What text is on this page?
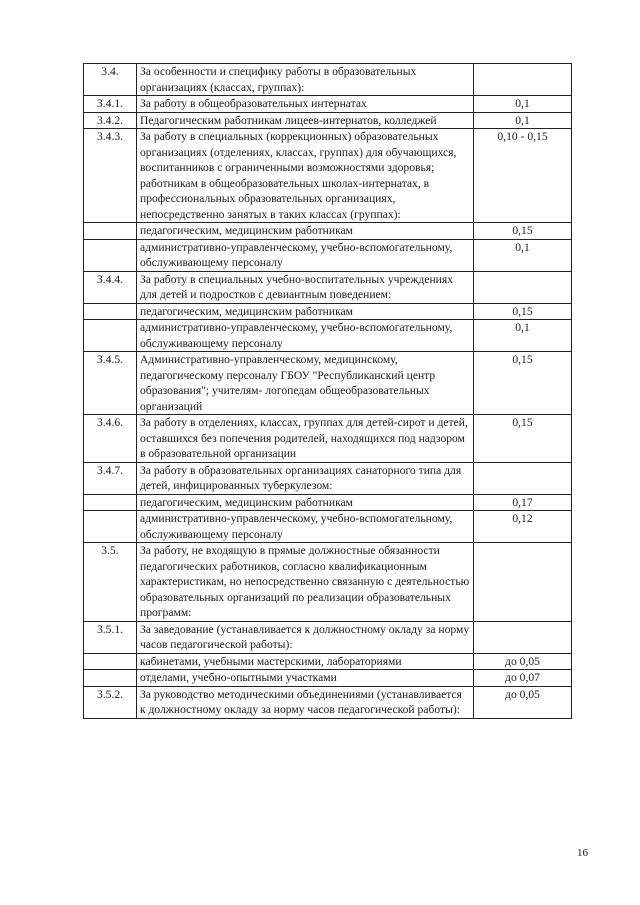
3.4.	За особенности и специфику работы в образовательных организациях (классах, группах):	
3.4.1.	За работу в общеобразовательных интернатах	0,1
3.4.2.	Педагогическим работникам лицеев-интернатов, колледжей	0,1
3.4.3.	За работу в специальных (коррекционных) образовательных организациях (отделениях, классах, группах) для обучающихся, воспитанников с ограниченными возможностями здоровья; работникам в общеобразовательных школах-интернатах, в профессиональных образовательных организациях, непосредственно занятых в таких классах (группах):	0,10 - 0,15
	педагогическим, медицинским работникам	0,15
	административно-управленческому, учебно-вспомогательному, обслуживающему персоналу	0,1
3.4.4.	За работу в специальных учебно-воспитательных учреждениях для детей и подростков с девиантным поведением:	
	педагогическим, медицинским работникам	0,15
	административно-управленческому, учебно-вспомогательному, обслуживающему персоналу	0,1
3.4.5.	Административно-управленческому, медицинскому, педагогическому персоналу ГБОУ "Республиканский центр образования"; учителям- логопедам общеобразовательных организаций	0,15
3.4.6.	За работу в отделениях, классах, группах для детей-сирот и детей, оставшихся без попечения родителей, находящихся под надзором в образовательной организации	0,15
3.4.7.	За работу в образовательных организациях санаторного типа для детей, инфицированных туберкулезом:	
	педагогическим, медицинским работникам	0,17
	административно-управленческому, учебно-вспомогательному, обслуживающему персоналу	0,12
3.5.	За работу, не входящую в прямые должностные обязанности педагогических работников, согласно квалификационным характеристикам, но непосредственно связанную с деятельностью образовательных организаций по реализации образовательных программ:	
3.5.1.	За заведование (устанавливается к должностному окладу за норму часов педагогической работы):	
	кабинетами, учебными мастерскими, лабораториями	до 0,05
	отделами, учебно-опытными участками	до 0,07
3.5.2.	За руководство методическими объединениями (устанавливается к должностному окладу за норму часов педагогической работы):	до 0,05
16
